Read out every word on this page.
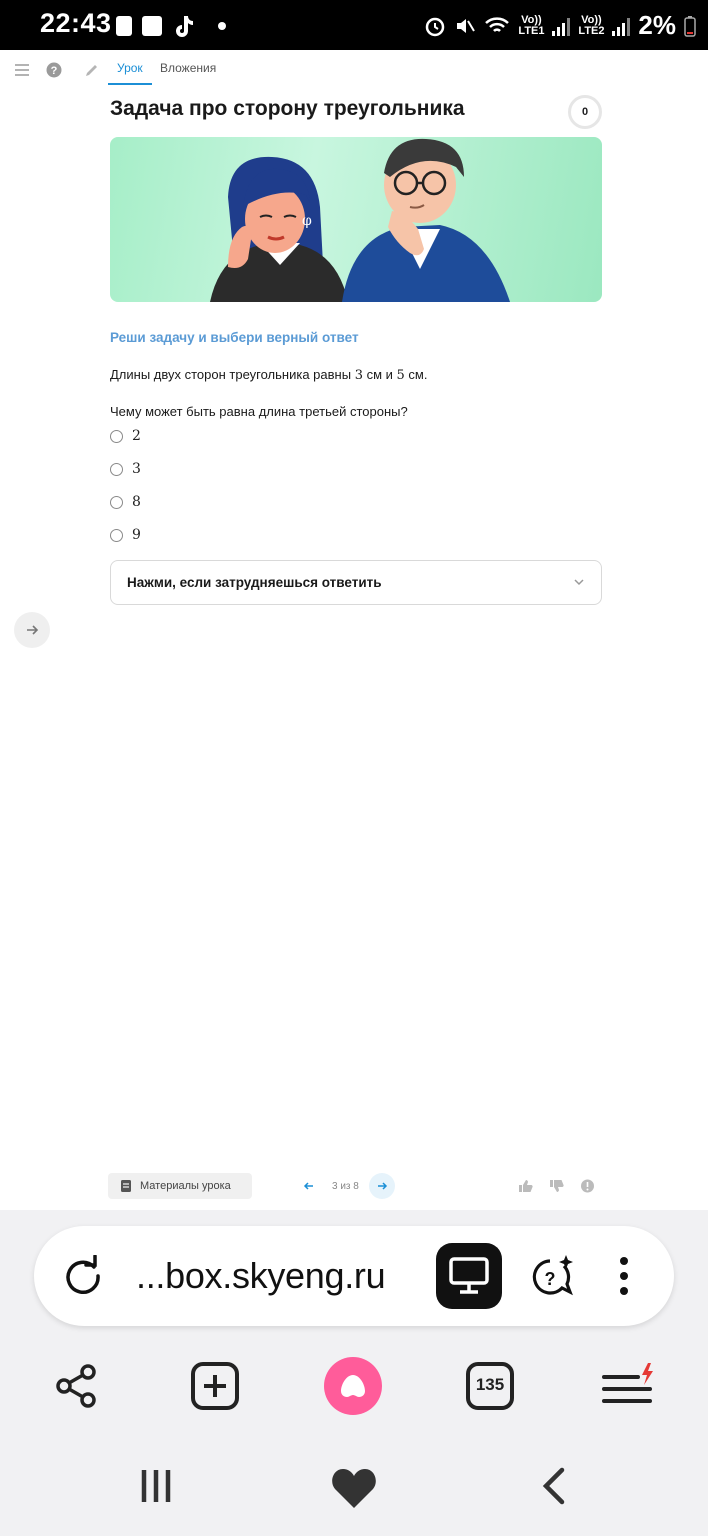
22:43	Vo)) LTE1
Vo)) LTE2 2%
?	Урок Вложения
Задача про сторону треугольника	0
φ
Реши задачу и выбери верный ответ
Длины двух сторон треугольника равны 3 см и 5 см.
Чему может быть равна длина третьей стороны?
2
3
8
9
Нажми, если затрудняешься ответить
Материалы урока	3 из 8
...box.skyeng.ru	?
135
